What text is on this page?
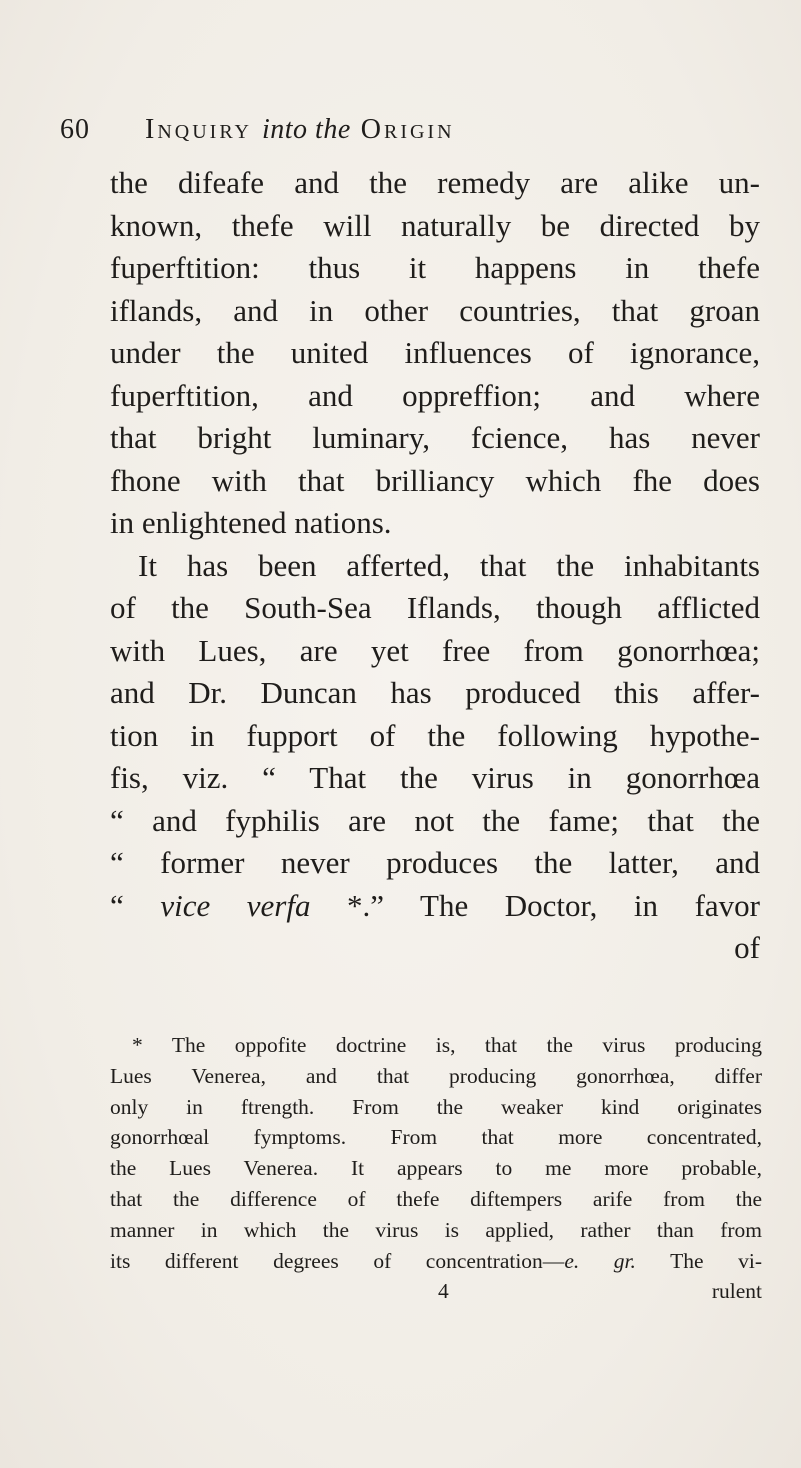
60 Inquiry into the Origin
the difeafe and the remedy are alike un-
known, thefe will naturally be directed by
fuperftition: thus it happens in thefe
iflands, and in other countries, that groan
under the united influences of ignorance,
fuperftition, and oppreffion; and where
that bright luminary, fcience, has never
fhone with that brilliancy which fhe does
in enlightened nations.
It has been afferted, that the inhabitants
of the South-Sea Iflands, though afflicted
with Lues, are yet free from gonorrhœa;
and Dr. Duncan has produced this affer-
tion in fupport of the following hypothe-
fis, viz. “ That the virus in gonorrhœa
“ and fyphilis are not the fame; that the
“ former never produces the latter, and
“ vice verfa *.” The Doctor, in favor
of
* The oppofite doctrine is, that the virus producing
Lues Venerea, and that producing gonorrhœa, differ
only in ftrength. From the weaker kind originates
gonorrhœal fymptoms. From that more concentrated,
the Lues Venerea. It appears to me more probable,
that the difference of thefe diftempers arife from the
manner in which the virus is applied, rather than from
its different degrees of concentration—e. gr. The vi-
4	rulent
